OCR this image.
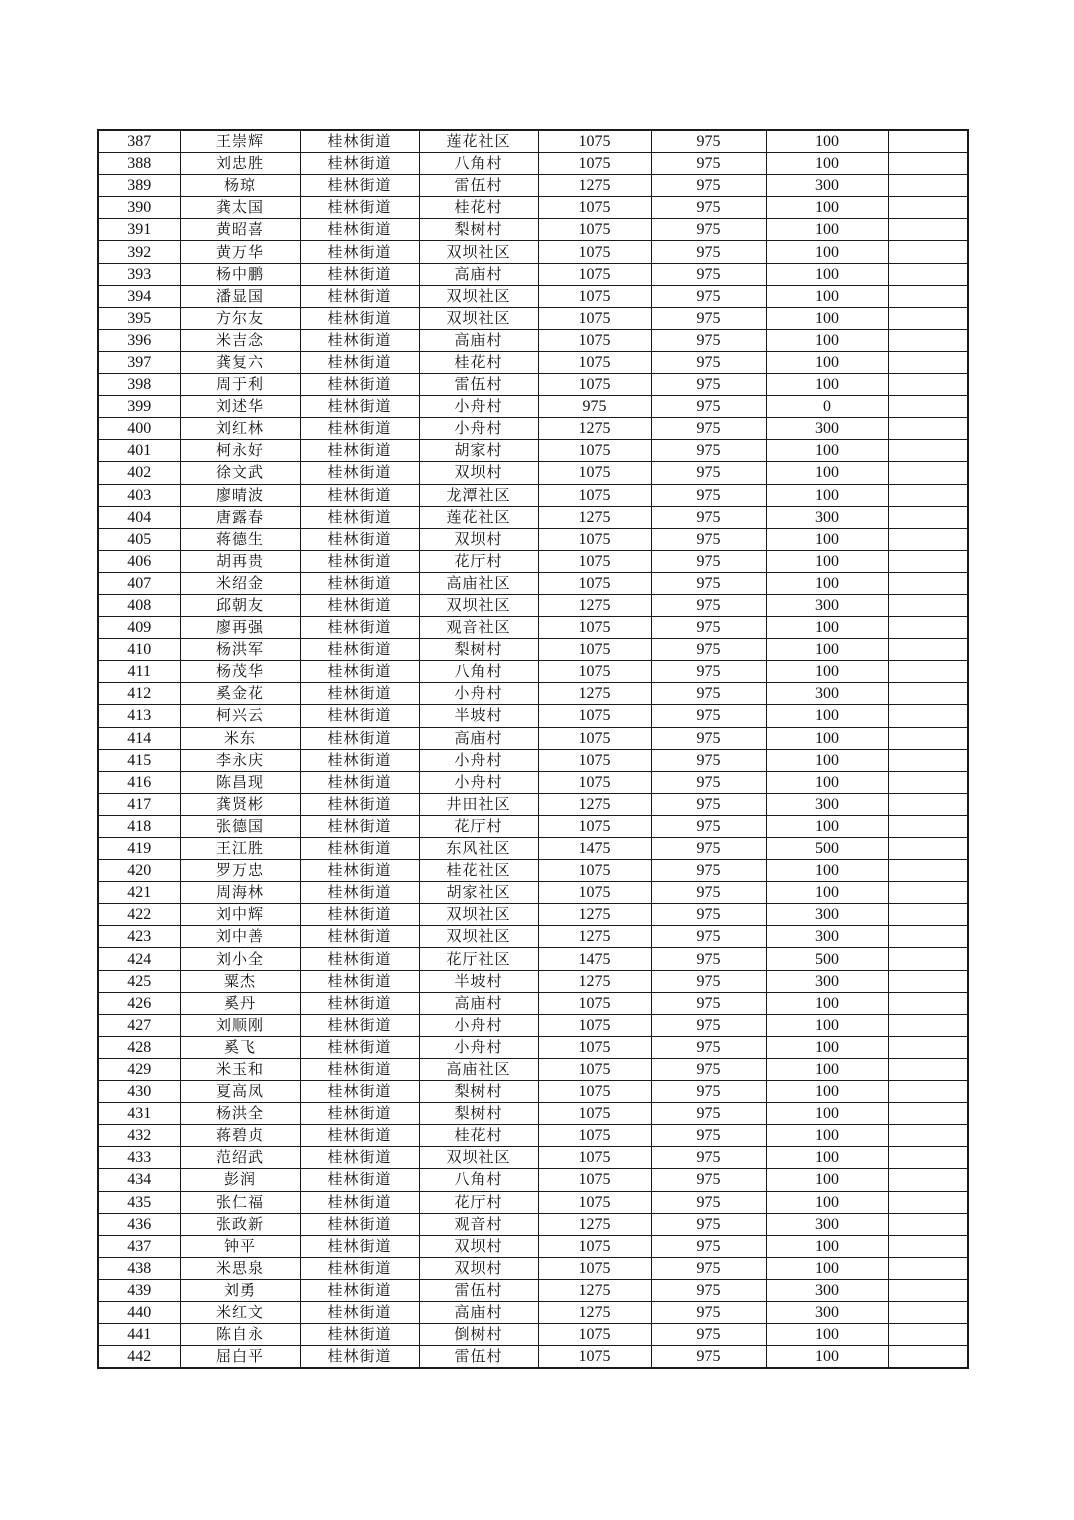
387	王崇辉	桂林街道	莲花社区	1075	975	100	
388	刘忠胜	桂林街道	八角村	1075	975	100	
389	杨琼	桂林街道	雷伍村	1275	975	300	
390	龚太国	桂林街道	桂花村	1075	975	100	
391	黄昭喜	桂林街道	梨树村	1075	975	100	
392	黄万华	桂林街道	双坝社区	1075	975	100	
393	杨中鹏	桂林街道	高庙村	1075	975	100	
394	潘显国	桂林街道	双坝社区	1075	975	100	
395	方尔友	桂林街道	双坝社区	1075	975	100	
396	米吉念	桂林街道	高庙村	1075	975	100	
397	龚复六	桂林街道	桂花村	1075	975	100	
398	周于利	桂林街道	雷伍村	1075	975	100	
399	刘述华	桂林街道	小舟村	975	975	0	
400	刘红林	桂林街道	小舟村	1275	975	300	
401	柯永好	桂林街道	胡家村	1075	975	100	
402	徐文武	桂林街道	双坝村	1075	975	100	
403	廖晴波	桂林街道	龙潭社区	1075	975	100	
404	唐露春	桂林街道	莲花社区	1275	975	300	
405	蒋德生	桂林街道	双坝村	1075	975	100	
406	胡再贵	桂林街道	花厅村	1075	975	100	
407	米绍金	桂林街道	高庙社区	1075	975	100	
408	邱朝友	桂林街道	双坝社区	1275	975	300	
409	廖再强	桂林街道	观音社区	1075	975	100	
410	杨洪军	桂林街道	梨树村	1075	975	100	
411	杨茂华	桂林街道	八角村	1075	975	100	
412	奚金花	桂林街道	小舟村	1275	975	300	
413	柯兴云	桂林街道	半坡村	1075	975	100	
414	米东	桂林街道	高庙村	1075	975	100	
415	李永庆	桂林街道	小舟村	1075	975	100	
416	陈昌现	桂林街道	小舟村	1075	975	100	
417	龚贤彬	桂林街道	井田社区	1275	975	300	
418	张德国	桂林街道	花厅村	1075	975	100	
419	王江胜	桂林街道	东风社区	1475	975	500	
420	罗万忠	桂林街道	桂花社区	1075	975	100	
421	周海林	桂林街道	胡家社区	1075	975	100	
422	刘中辉	桂林街道	双坝社区	1275	975	300	
423	刘中善	桂林街道	双坝社区	1275	975	300	
424	刘小全	桂林街道	花厅社区	1475	975	500	
425	粟杰	桂林街道	半坡村	1275	975	300	
426	奚丹	桂林街道	高庙村	1075	975	100	
427	刘顺刚	桂林街道	小舟村	1075	975	100	
428	奚飞	桂林街道	小舟村	1075	975	100	
429	米玉和	桂林街道	高庙社区	1075	975	100	
430	夏高凤	桂林街道	梨树村	1075	975	100	
431	杨洪全	桂林街道	梨树村	1075	975	100	
432	蒋碧贞	桂林街道	桂花村	1075	975	100	
433	范绍武	桂林街道	双坝社区	1075	975	100	
434	彭润	桂林街道	八角村	1075	975	100	
435	张仁福	桂林街道	花厅村	1075	975	100	
436	张政新	桂林街道	观音村	1275	975	300	
437	钟平	桂林街道	双坝村	1075	975	100	
438	米思泉	桂林街道	双坝村	1075	975	100	
439	刘勇	桂林街道	雷伍村	1275	975	300	
440	米红文	桂林街道	高庙村	1275	975	300	
441	陈自永	桂林街道	倒树村	1075	975	100	
442	屈白平	桂林街道	雷伍村	1075	975	100	
